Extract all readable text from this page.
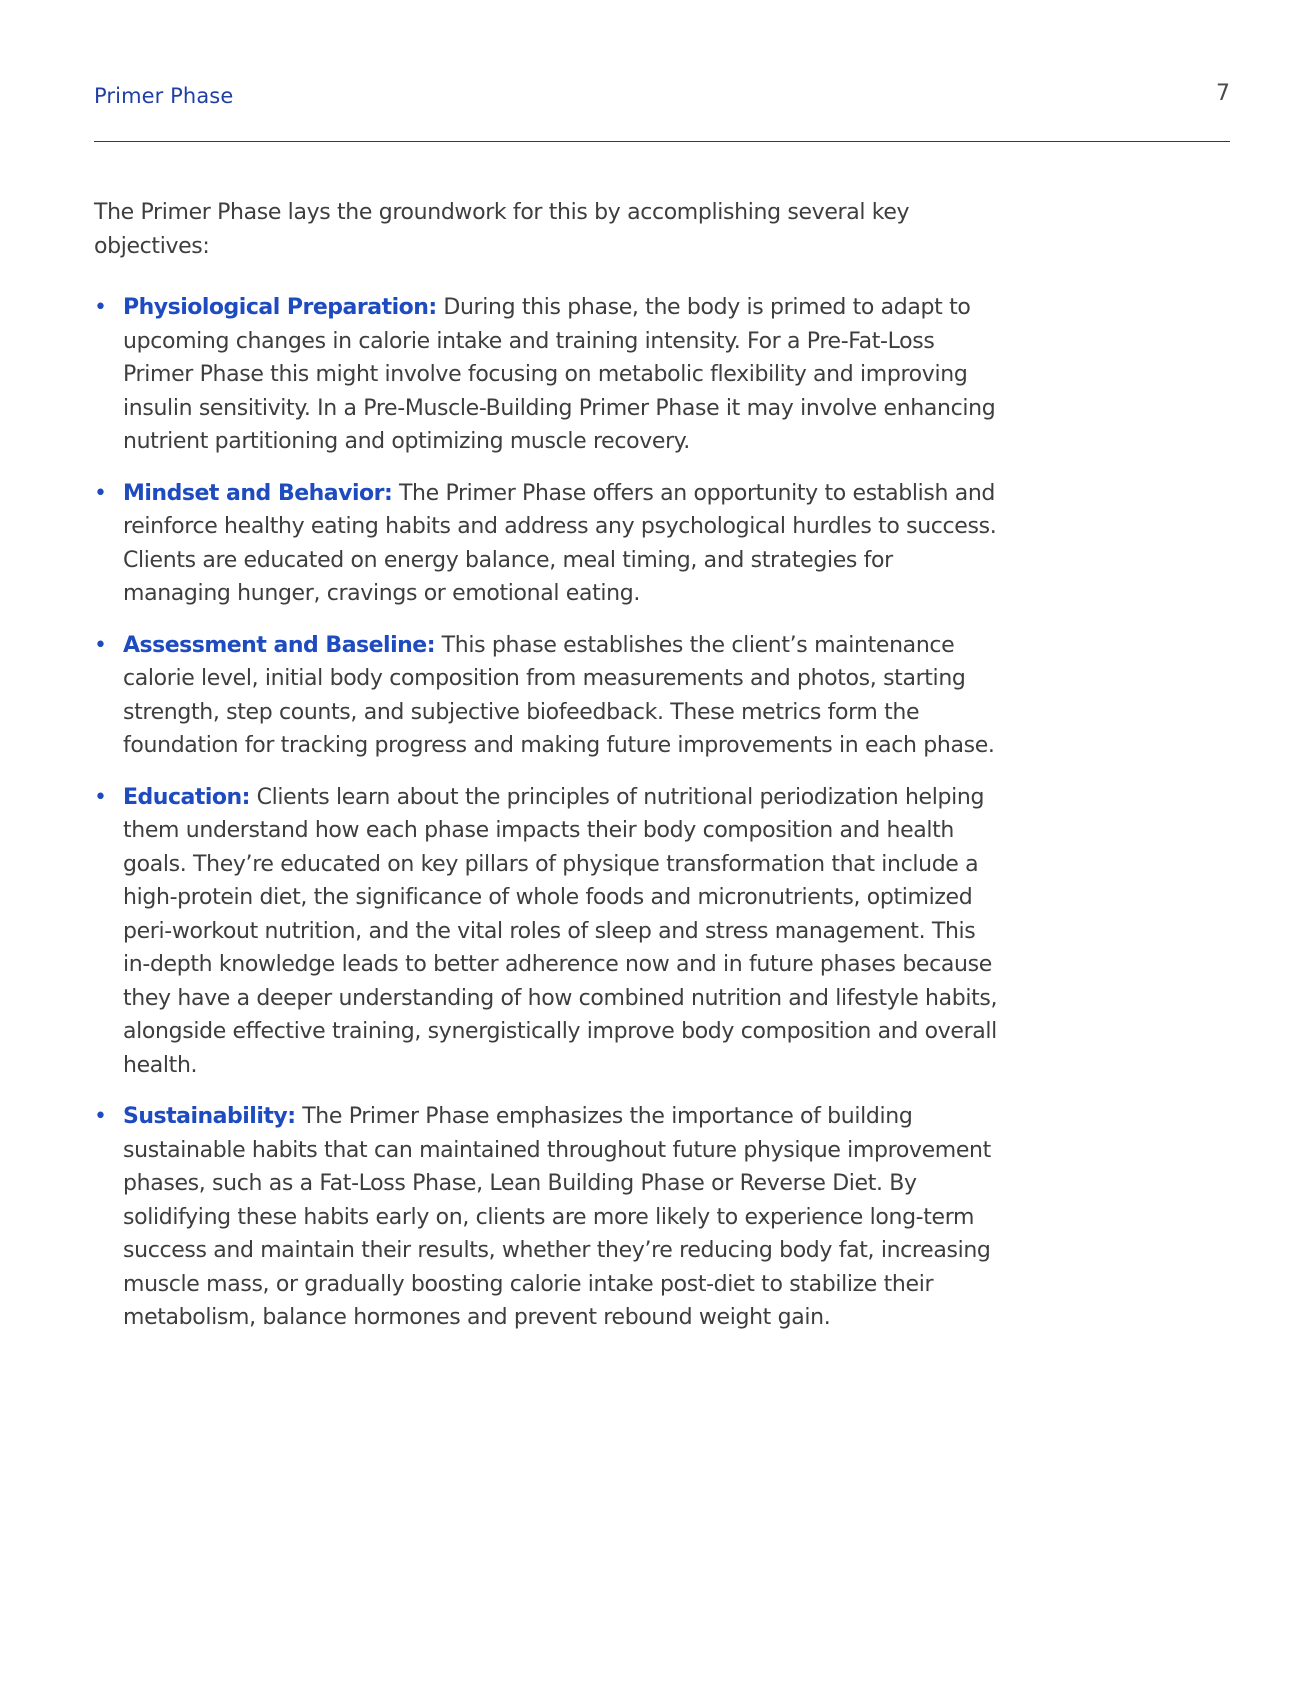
Primer Phase	7

The Primer Phase lays the groundwork for this by accomplishing several key objectives:

• Physiological Preparation: During this phase, the body is primed to adapt to upcoming changes in calorie intake and training intensity. For a Pre-Fat-Loss Primer Phase this might involve focusing on metabolic flexibility and improving insulin sensitivity. In a Pre-Muscle-Building Primer Phase it may involve enhancing nutrient partitioning and optimizing muscle recovery.
• Mindset and Behavior: The Primer Phase offers an opportunity to establish and reinforce healthy eating habits and address any psychological hurdles to success. Clients are educated on energy balance, meal timing, and strategies for managing hunger, cravings or emotional eating.
• Assessment and Baseline: This phase establishes the client’s maintenance calorie level, initial body composition from measurements and photos, starting strength, step counts, and subjective biofeedback. These metrics form the foundation for tracking progress and making future improvements in each phase.
• Education: Clients learn about the principles of nutritional periodization helping them understand how each phase impacts their body composition and health goals. They’re educated on key pillars of physique transformation that include a high-protein diet, the significance of whole foods and micronutrients, optimized peri-workout nutrition, and the vital roles of sleep and stress management. This in-depth knowledge leads to better adherence now and in future phases because they have a deeper understanding of how combined nutrition and lifestyle habits, alongside effective training, synergistically improve body composition and overall health.
• Sustainability: The Primer Phase emphasizes the importance of building sustainable habits that can maintained throughout future physique improvement phases, such as a Fat-Loss Phase, Lean Building Phase or Reverse Diet. By solidifying these habits early on, clients are more likely to experience long-term success and maintain their results, whether they’re reducing body fat, increasing muscle mass, or gradually boosting calorie intake post-diet to stabilize their metabolism, balance hormones and prevent rebound weight gain.
